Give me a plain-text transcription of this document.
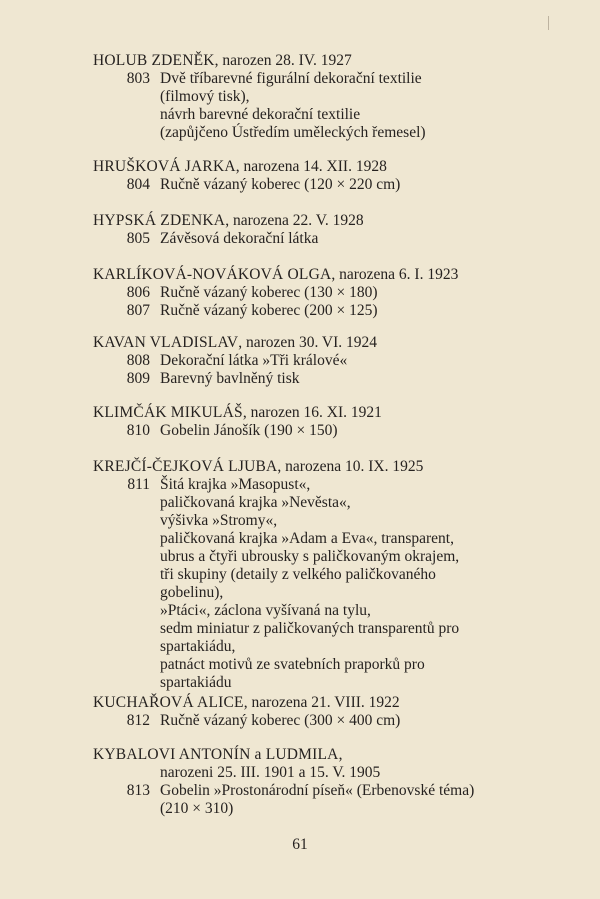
HOLUB ZDENĚK, narozen 28. IV. 1927
803 Dvě tříbarevné figurální dekorační textilie
(filmový tisk),
návrh barevné dekorační textilie
(zapůjčeno Ústředím uměleckých řemesel)
HRUŠKOVÁ JARKA, narozena 14. XII. 1928
804 Ručně vázaný koberec (120 × 220 cm)
HYPSKÁ ZDENKA, narozena 22. V. 1928
805 Závěsová dekorační látka
KARLÍKOVÁ-NOVÁKOVÁ OLGA, narozena 6. I. 1923
806 Ručně vázaný koberec (130 × 180)
807 Ručně vázaný koberec (200 × 125)
KAVAN VLADISLAV, narozen 30. VI. 1924
808 Dekorační látka »Tři králové«
809 Barevný bavlněný tisk
KLIMČÁK MIKULÁŠ, narozen 16. XI. 1921
810 Gobelin Jánošík (190 × 150)
KREJČÍ-ČEJKOVÁ LJUBA, narozena 10. IX. 1925
811 Šitá krajka »Masopust«,
paličkovaná krajka »Nevěsta«,
výšivka »Stromy«,
paličkovaná krajka »Adam a Eva«, transparent,
ubrus a čtyři ubrousky s paličkovaným okrajem,
tři skupiny (detaily z velkého paličkovaného
gobelinu),
»Ptáci«, záclona vyšívaná na tylu,
sedm miniatur z paličkovaných transparentů pro
spartakiádu,
patnáct motivů ze svatebních praporků pro
spartakiádu
KUCHAŘOVÁ ALICE, narozena 21. VIII. 1922
812 Ručně vázaný koberec (300 × 400 cm)
KYBALOVI ANTONÍN a LUDMILA,
narozeni 25. III. 1901 a 15. V. 1905
813 Gobelin »Prostonárodní píseň« (Erbenovské téma)
(210 × 310)
61
